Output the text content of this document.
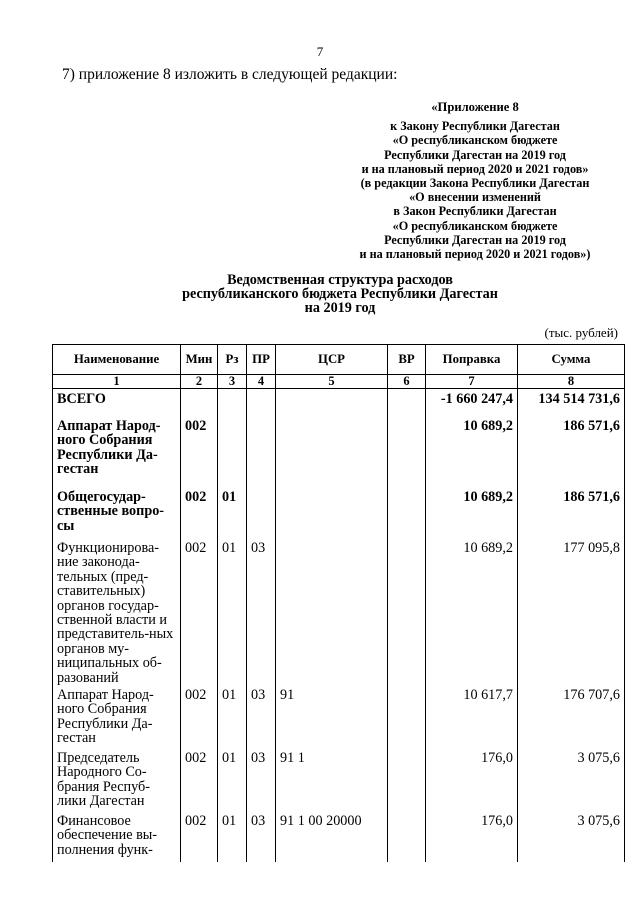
7
7) приложение 8 изложить в следующей редакции:
«Приложение 8
к Закону Республики Дагестан
«О республиканском бюджете
Республики Дагестан на 2019 год
и на плановый период 2020 и 2021 годов»
(в редакции Закона Республики Дагестан
«О внесении изменений
в Закон Республики Дагестан
«О республиканском бюджете
Республики Дагестан на 2019 год
и на плановый период 2020 и 2021 годов»)
Ведомственная структура расходов
республиканского бюджета Республики Дагестан
на 2019 год
(тыс. рублей)
Наименование	Мин	Рз	ПР	ЦСР	ВР	Поправка	Сумма
1	2	3	4	5	6	7	8
ВСЕГО						-1 660 247,4	134 514 731,6
Аппарат Народ-ного Собрания Республики Да-гестан	002					10 689,2	186 571,6
Общегосудар-ственные вопро-сы	002	01				10 689,2	186 571,6
Функционирова-ние законода-тельных (пред-ставительных) органов государ-ственной власти и представитель-ных органов му-ниципальных об-разований	002	01	03			10 689,2	177 095,8
Аппарат Народ-ного Собрания Республики Да-гестан	002	01	03	91		10 617,7	176 707,6
Председатель Народного Со-брания Респуб-лики Дагестан	002	01	03	91 1		176,0	3 075,6
Финансовое обеспечение вы-полнения функ-	002	01	03	91 1 00 20000		176,0	3 075,6
